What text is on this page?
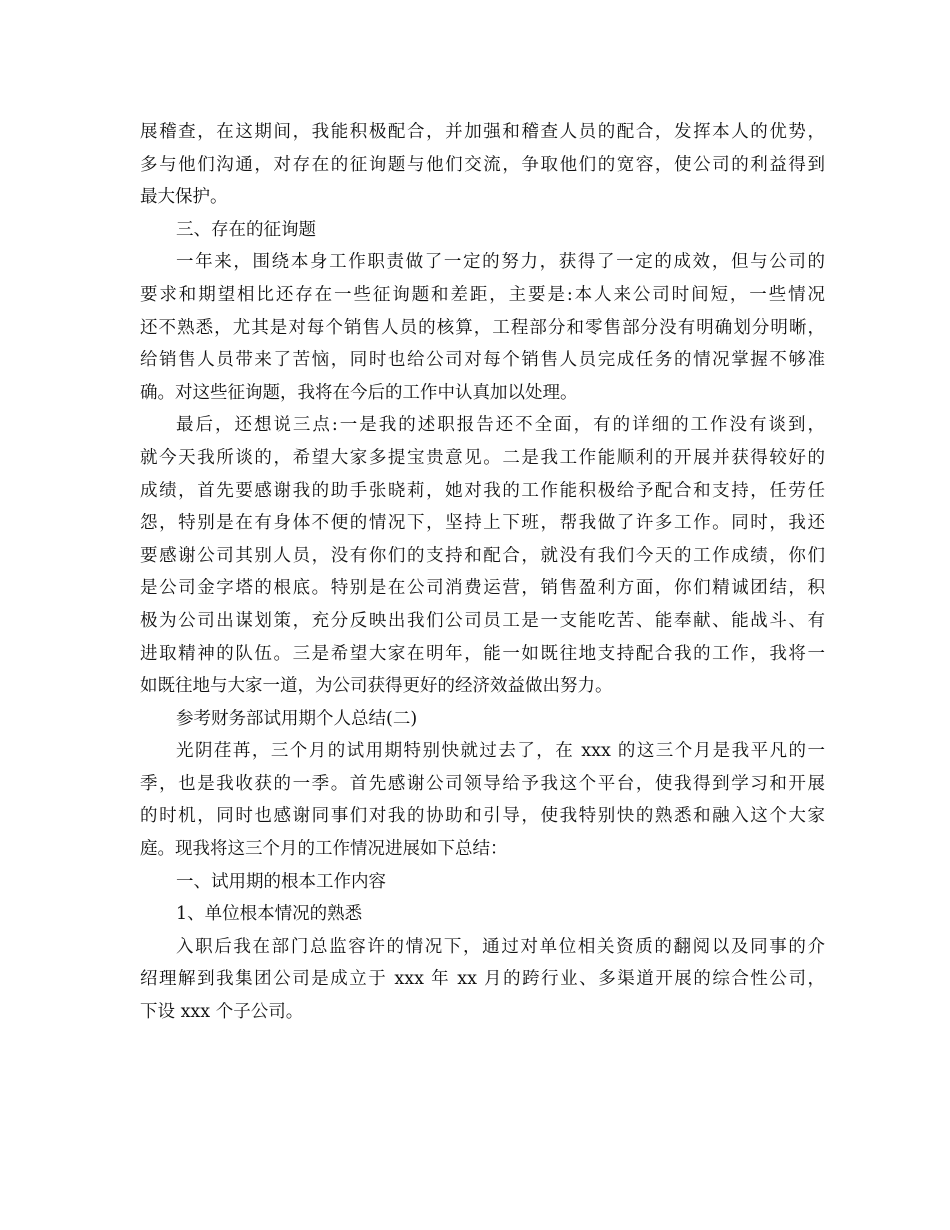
展稽查，在这期间，我能积极配合，并加强和稽查人员的配合，发挥本人的优势，
多与他们沟通，对存在的征询题与他们交流，争取他们的宽容，使公司的利益得到
最大保护。
三、存在的征询题
一年来，围绕本身工作职责做了一定的努力，获得了一定的成效，但与公司的
要求和期望相比还存在一些征询题和差距，主要是:本人来公司时间短，一些情况
还不熟悉，尤其是对每个销售人员的核算，工程部分和零售部分没有明确划分明晰，
给销售人员带来了苦恼，同时也给公司对每个销售人员完成任务的情况掌握不够准
确。对这些征询题，我将在今后的工作中认真加以处理。
最后，还想说三点:一是我的述职报告还不全面，有的详细的工作没有谈到，
就今天我所谈的，希望大家多提宝贵意见。二是我工作能顺利的开展并获得较好的
成绩，首先要感谢我的助手张晓莉，她对我的工作能积极给予配合和支持，任劳任
怨，特别是在有身体不便的情况下，坚持上下班，帮我做了许多工作。同时，我还
要感谢公司其别人员，没有你们的支持和配合，就没有我们今天的工作成绩，你们
是公司金字塔的根底。特别是在公司消费运营，销售盈利方面，你们精诚团结，积
极为公司出谋划策，充分反映出我们公司员工是一支能吃苦、能奉献、能战斗、有
进取精神的队伍。三是希望大家在明年，能一如既往地支持配合我的工作，我将一
如既往地与大家一道，为公司获得更好的经济效益做出努力。
参考财务部试用期个人总结(二)
光阴荏苒，三个月的试用期特别快就过去了，在 xxx 的这三个月是我平凡的一
季，也是我收获的一季。首先感谢公司领导给予我这个平台，使我得到学习和开展
的时机，同时也感谢同事们对我的协助和引导，使我特别快的熟悉和融入这个大家
庭。现我将这三个月的工作情况进展如下总结：
一、试用期的根本工作内容
1、单位根本情况的熟悉
入职后我在部门总监容许的情况下，通过对单位相关资质的翻阅以及同事的介
绍理解到我集团公司是成立于 xxx 年 xx 月的跨行业、多渠道开展的综合性公司，
下设 xxx 个子公司。
